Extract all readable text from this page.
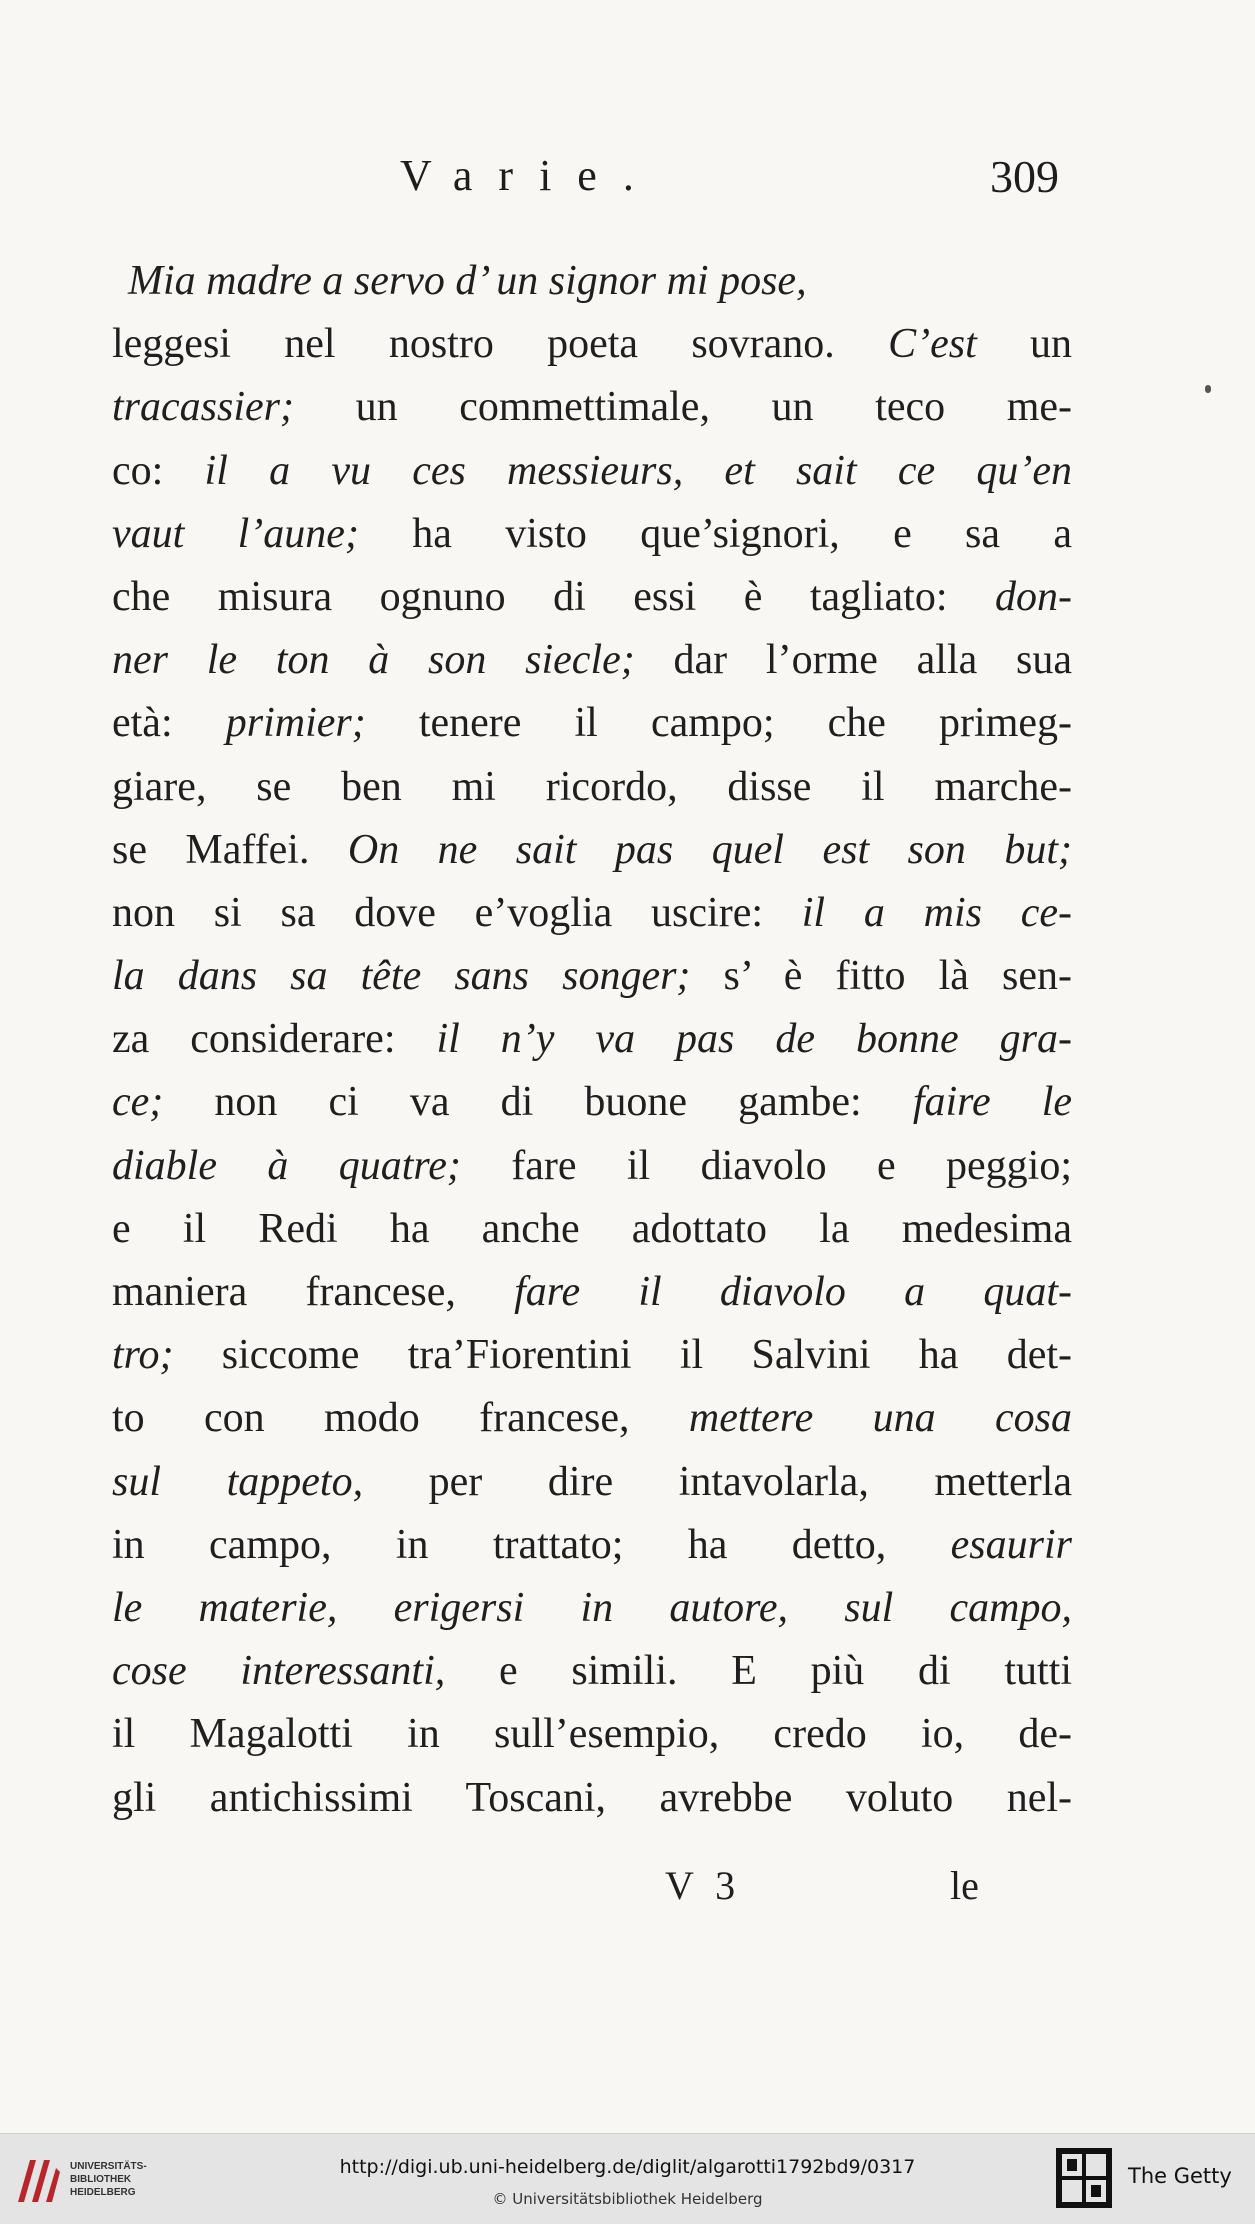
Varie.	309
Mia madre a servo d’ un signor mi pose,
leggesi nel nostro poeta sovrano. C’est un
tracassier; un commettimale, un teco me-
co: il a vu ces messieurs, et sait ce qu’en
vaut l’aune; ha visto que’signori, e sa a
che misura ognuno di essi è tagliato: don-
ner le ton à son siecle; dar l’orme alla sua
età: primier; tenere il campo; che primeg-
giare, se ben mi ricordo, disse il marche-
se Maffei. On ne sait pas quel est son but;
non si sa dove e’voglia uscire: il a mis ce-
la dans sa tête sans songer; s’ è fitto là sen-
za considerare: il n’y va pas de bonne gra-
ce; non ci va di buone gambe: faire le
diable à quatre; fare il diavolo e peggio;
e il Redi ha anche adottato la medesima
maniera francese, fare il diavolo a quat-
tro; siccome tra’Fiorentini il Salvini ha det-
to con modo francese, mettere una cosa
sul tappeto, per dire intavolarla, metterla
in campo, in trattato; ha detto, esaurir
le materie, erigersi in autore, sul campo,
cose interessanti, e simili. E più di tutti
il Magalotti in sull’esempio, credo io, de-
gli antichissimi Toscani, avrebbe voluto nel-
V 3	le
UNIVERSITÄTS-
BIBLIOTHEK
HEIDELBERG
http://digi.ub.uni-heidelberg.de/diglit/algarotti1792bd9/0317
© Universitätsbibliothek Heidelberg
The Getty
